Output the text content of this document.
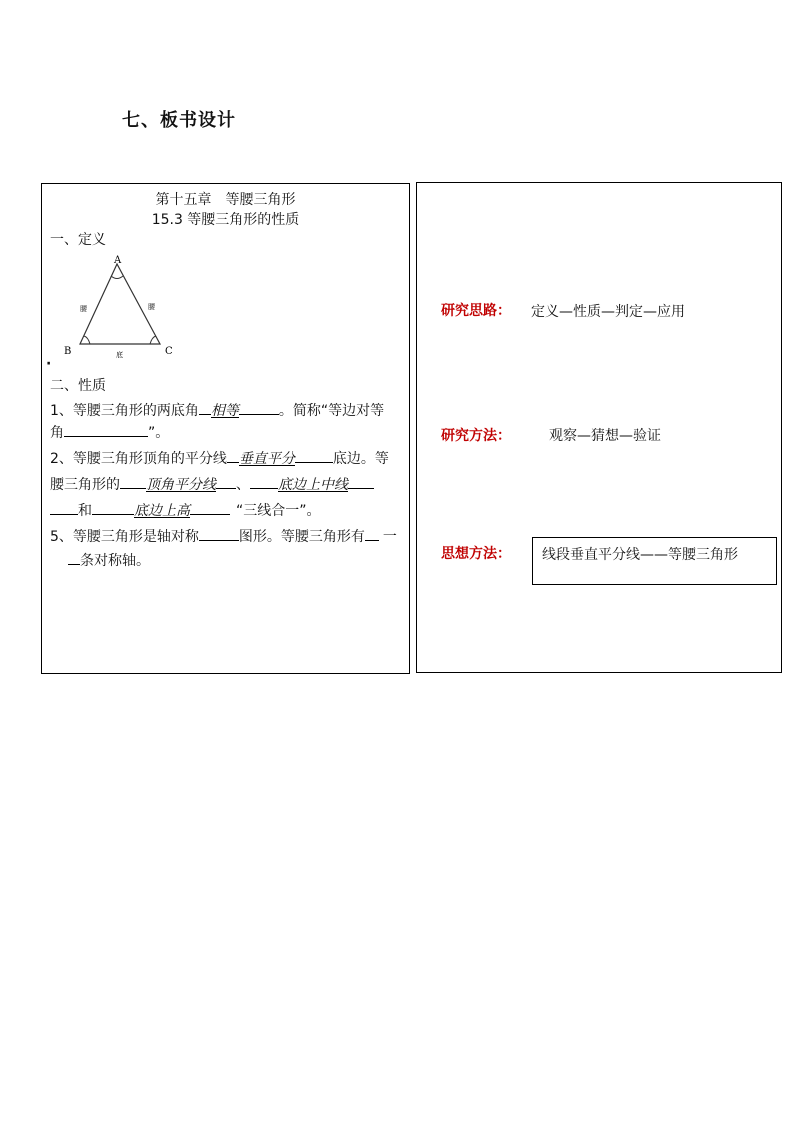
七、板书设计
第十五章　等腰三角形
15.3 等腰三角形的性质
一、定义
A
B	C
腰	腰
底
·
二、性质
1、等腰三角形的两底角 相等	。简称“等边对等
角	”。
2、等腰三角形顶角的平分线 垂直平分	底边。等
腰三角形的 顶角平分线 、 底边上中线
和	底边上高	“三线合一”。
5、等腰三角形是轴对称	图形。等腰三角形有 一
条对称轴。
研究思路： 定义—性质—判定—应用
研究方法：	观察—猜想—验证
思想方法： 线段垂直平分线——等腰三角形
